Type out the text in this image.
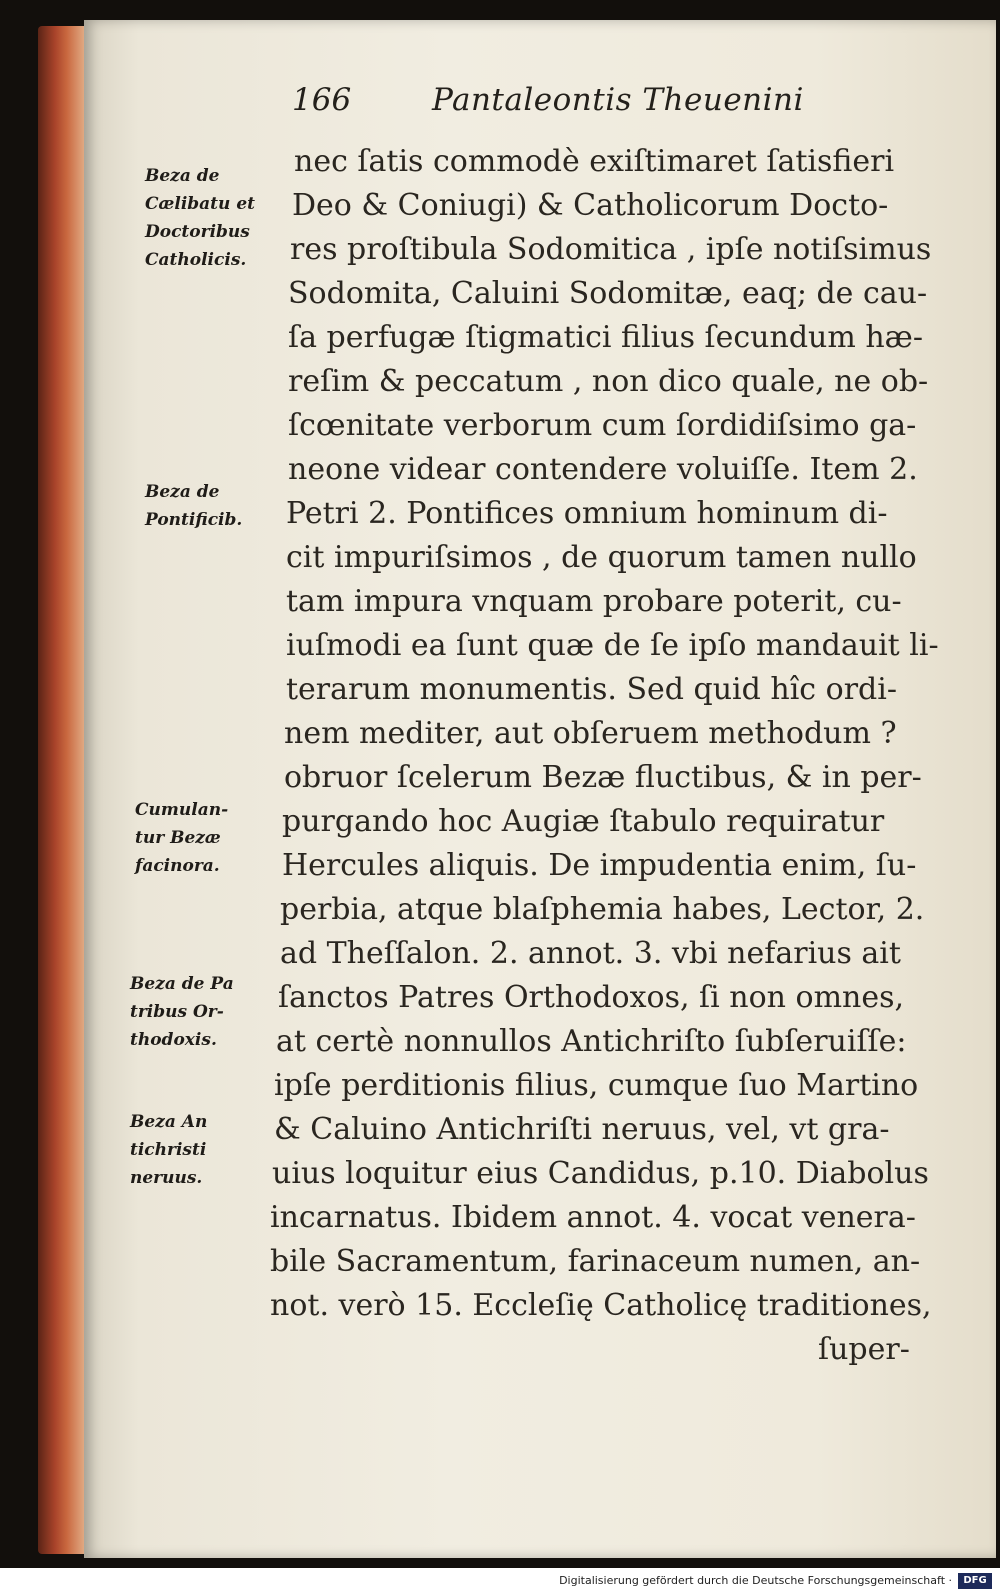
166	Pantaleontis Theuenini
Beza de
Cælibatu et
Doctoribus
Catholicis.
Beza de
Pontificib.
Cumulan-
tur Bezæ
facinora.
Beza de Pa
tribus Or-
thodoxis.
Beza An
tichristi
neruus.
nec ſatis commodè exiſtimaret ſatisfieri
Deo & Coniugi) & Catholicorum Docto-
res proſtibula Sodomitica , ipſe notiſsimus
Sodomita, Caluini Sodomitæ, eaq; de cau-
ſa perfugæ ſtigmatici filius ſecundum hæ-
reſim & peccatum , non dico quale, ne ob-
ſcœnitate verborum cum ſordidiſsimo ga-
neone videar contendere voluiſſe. Item 2.
Petri 2. Pontifices omnium hominum di-
cit impuriſsimos , de quorum tamen nullo
tam impura vnquam probare poterit, cu-
iuſmodi ea ſunt quæ de ſe ipſo mandauit li-
terarum monumentis. Sed quid hîc ordi-
nem mediter, aut obſeruem methodum ?
obruor ſcelerum Bezæ fluctibus, & in per-
purgando hoc Augiæ ſtabulo requiratur
Hercules aliquis. De impudentia enim, ſu-
perbia, atque blaſphemia habes, Lector, 2.
ad Theſſalon. 2. annot. 3. vbi nefarius ait
ſanctos Patres Orthodoxos, ſi non omnes,
at certè nonnullos Antichriſto ſubſeruiſſe:
ipſe perditionis filius, cumque ſuo Martino
& Caluino Antichriſti neruus, vel, vt gra-
uius loquitur eius Candidus, p.10. Diabolus
incarnatus. Ibidem annot. 4. vocat venera-
bile Sacramentum, farinaceum numen, an-
not. verò 15. Eccleſię Catholicę traditiones,
ſuper-
Digitalisierung gefördert durch die Deutsche Forschungsgemeinschaft ·	DFG
